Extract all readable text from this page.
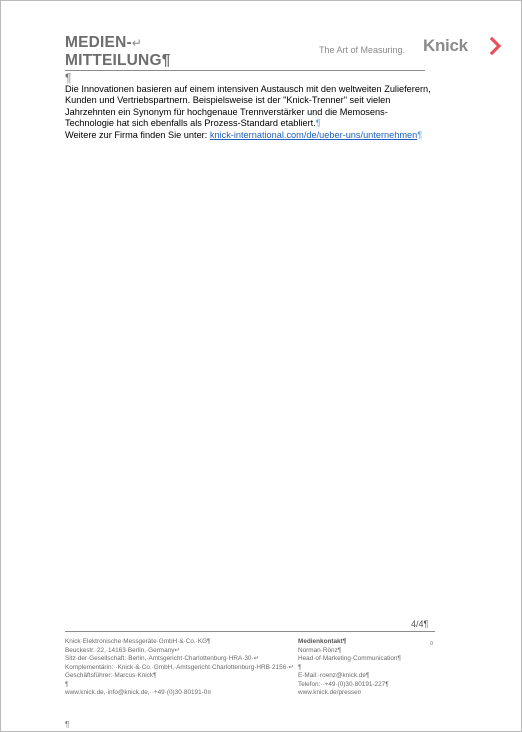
MEDIEN-↵
MITTEILUNG¶
The Art of Measuring. Knick
¶

Die Innovationen basieren auf einem intensiven Austausch mit den weltweiten Zulieferern, Kunden und Vertriebspartnern. Beispielsweise ist der "Knick-Trenner" seit vielen Jahrzehnten ein Synonym für hochgenaue Trennverstärker und die Memosens-Technologie hat sich ebenfalls als Prozess-Standard etabliert.¶

Weitere zur Firma finden Sie unter: knick-international.com/de/ueber-uns/unternehmen¶

4/4¶
Knick·Elektronische·Messgeräte·GmbH·&·Co.·KG¶
Beuckestr.·22,·14163·Berlin,·Germany↵
Sitz·der·Gesellschaft:·Berlin,·Amtsgericht·Charlottenburg·HRA·30·↵
Komplementärin:··Knick·&·Co.·GmbH,·Amtsgericht·Charlottenburg·HRB·2156·↵
Geschäftsführer:·Marcus·Knick¶
¶
www.knick.de,·info@knick.de,··+49·(0)30·80191-0¤
Medienkontakt¶
Norman·Rönz¶
Head·of·Marketing·Communication¶
¶
E-Mail:·roenz@knick.de¶
Telefon:··+49·(0)30·80191-227¶
www.knick.de/presse¤
¤
¶
